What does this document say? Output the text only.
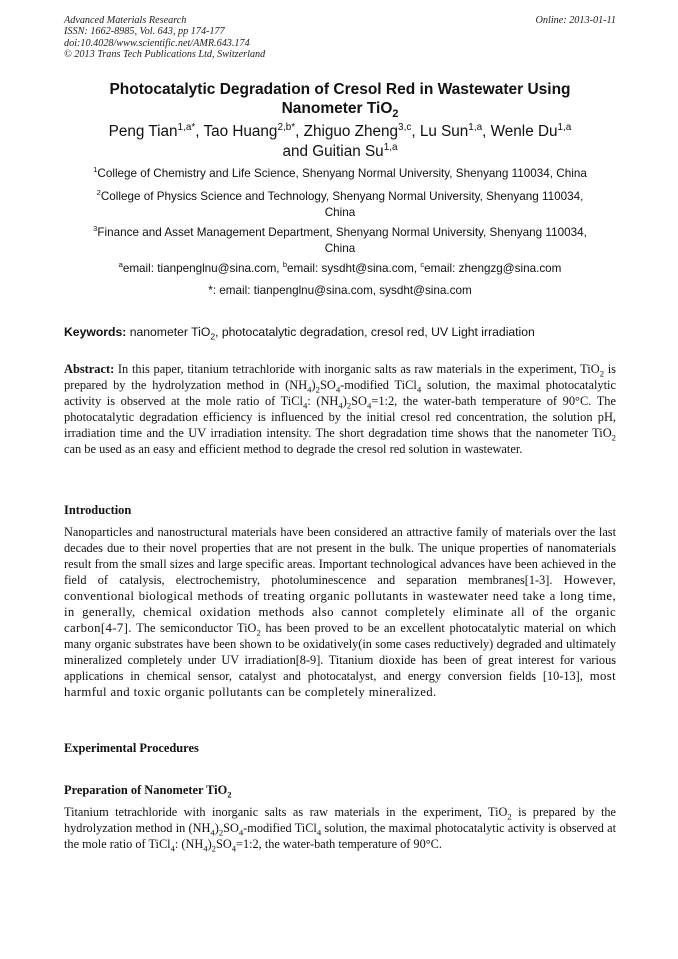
Advanced Materials Research
ISSN: 1662-8985, Vol. 643, pp 174-177
doi:10.4028/www.scientific.net/AMR.643.174
© 2013 Trans Tech Publications Ltd, Switzerland
Online: 2013-01-11
Photocatalytic Degradation of Cresol Red in Wastewater Using
Nanometer TiO$_2$
Peng Tian$^{1,a*}$, Tao Huang$^{2,b*}$, Zhiguo Zheng$^{3,c}$, Lu Sun$^{1,a}$, Wenle Du$^{1,a}$
and Guitian Su$^{1,a}$
$^1$College of Chemistry and Life Science, Shenyang Normal University, Shenyang 110034, China
$^2$College of Physics Science and Technology, Shenyang Normal University, Shenyang 110034,
China
$^3$Finance and Asset Management Department, Shenyang Normal University, Shenyang 110034,
China
$^a$email: tianpenglnu@sina.com, $^b$email: sysdht@sina.com, $^c$email: zhengzg@sina.com
*: email: tianpenglnu@sina.com, sysdht@sina.com
Keywords: nanometer TiO$_2$, photocatalytic degradation, cresol red, UV Light irradiation
Abstract: In this paper, titanium tetrachloride with inorganic salts as raw materials in the experiment, TiO$_2$ is prepared by the hydrolyzation method in $(NH_4)_2SO_4$-modified TiCl$_4$ solution, the maximal photocatalytic activity is observed at the mole ratio of TiCl$_4$: $(NH_4)_2SO_4=1:2$, the water-bath temperature of 90°C. The photocatalytic degradation efficiency is influenced by the initial cresol red concentration, the solution pH, irradiation time and the UV irradiation intensity. The short degradation time shows that the nanometer TiO$_2$ can be used as an easy and efficient method to degrade the cresol red solution in wastewater.
Introduction
Nanoparticles and nanostructural materials have been considered an attractive family of materials over the last decades due to their novel properties that are not present in the bulk. The unique properties of nanomaterials result from the small sizes and large specific areas. Important technological advances have been achieved in the field of catalysis, electrochemistry, photoluminescence and separation membranes[1-3]. However, conventional biological methods of treating organic pollutants in wastewater need take a long time, in generally, chemical oxidation methods also cannot completely eliminate all of the organic carbon[4-7]. The semiconductor TiO$_2$ has been proved to be an excellent photocatalytic material on which many organic substrates have been shown to be oxidatively(in some cases reductively) degraded and ultimately mineralized completely under UV irradiation[8-9]. Titanium dioxide has been of great interest for various applications in chemical sensor, catalyst and photocatalyst, and energy conversion fields [10-13], most harmful and toxic organic pollutants can be completely mineralized.
Experimental Procedures
Preparation of Nanometer TiO$_2$
Titanium tetrachloride with inorganic salts as raw materials in the experiment, TiO$_2$ is prepared by the hydrolyzation method in $(NH_4)_2SO_4$-modified TiCl$_4$ solution, the maximal photocatalytic activity is observed at the mole ratio of TiCl$_4$: $(NH_4)_2SO_4=1:2$, the water-bath temperature of 90°C.
